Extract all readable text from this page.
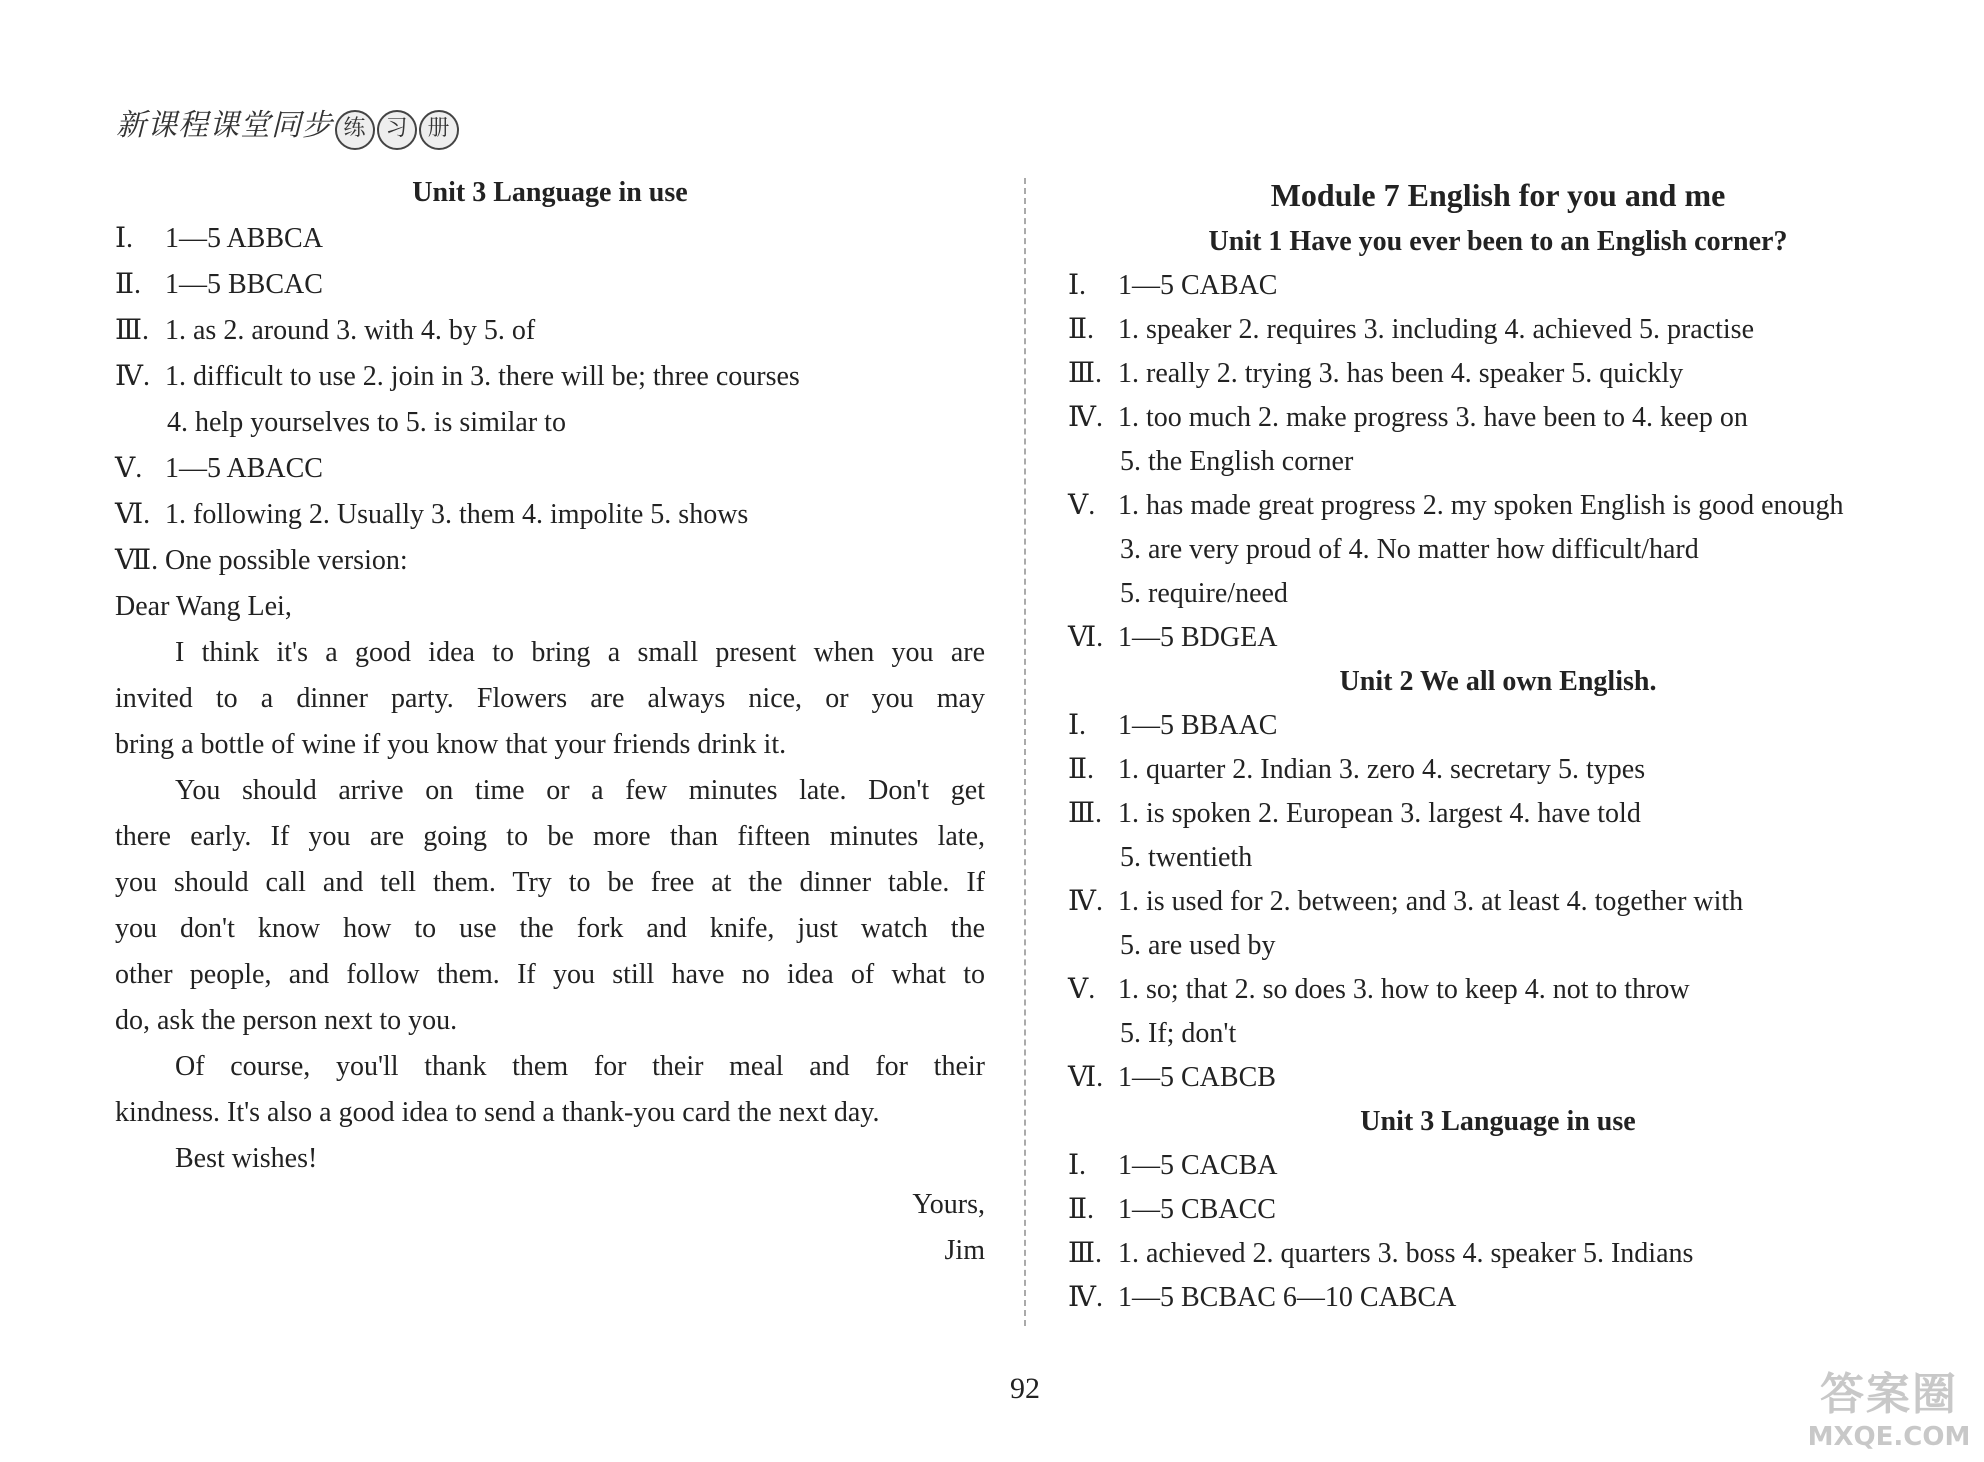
新课程课堂同步 练 习 册
Unit 3 Language in use
Ⅰ. 1—5 ABBCA
Ⅱ. 1—5 BBCAC
Ⅲ. 1. as 2. around 3. with 4. by 5. of
Ⅳ. 1. difficult to use 2. join in 3. there will be; three courses
4. help yourselves to 5. is similar to
Ⅴ. 1—5 ABACC
Ⅵ. 1. following 2. Usually 3. them 4. impolite 5. shows
Ⅶ. One possible version:
Dear Wang Lei,
I think it's a good idea to bring a small present when you are
invited to a dinner party. Flowers are always nice, or you may
bring a bottle of wine if you know that your friends drink it.
You should arrive on time or a few minutes late. Don't get
there early. If you are going to be more than fifteen minutes late,
you should call and tell them. Try to be free at the dinner table. If
you don't know how to use the fork and knife, just watch the
other people, and follow them. If you still have no idea of what to
do, ask the person next to you.
Of course, you'll thank them for their meal and for their
kindness. It's also a good idea to send a thank-you card the next day.
Best wishes!
Yours,
Jim
Module 7 English for you and me
Unit 1 Have you ever been to an English corner?
Ⅰ. 1—5 CABAC
Ⅱ. 1. speaker 2. requires 3. including 4. achieved 5. practise
Ⅲ. 1. really 2. trying 3. has been 4. speaker 5. quickly
Ⅳ. 1. too much 2. make progress 3. have been to 4. keep on
5. the English corner
Ⅴ. 1. has made great progress 2. my spoken English is good enough
3. are very proud of 4. No matter how difficult/hard
5. require/need
Ⅵ. 1—5 BDGEA
Unit 2 We all own English.
Ⅰ. 1—5 BBAAC
Ⅱ. 1. quarter 2. Indian 3. zero 4. secretary 5. types
Ⅲ. 1. is spoken 2. European 3. largest 4. have told
5. twentieth
Ⅳ. 1. is used for 2. between; and 3. at least 4. together with
5. are used by
Ⅴ. 1. so; that 2. so does 3. how to keep 4. not to throw
5. If; don't
Ⅵ. 1—5 CABCB
Unit 3 Language in use
Ⅰ. 1—5 CACBA
Ⅱ. 1—5 CBACC
Ⅲ. 1. achieved 2. quarters 3. boss 4. speaker 5. Indians
Ⅳ. 1—5 BCBAC 6—10 CABCA
92	答案圈
MXQE.COM
